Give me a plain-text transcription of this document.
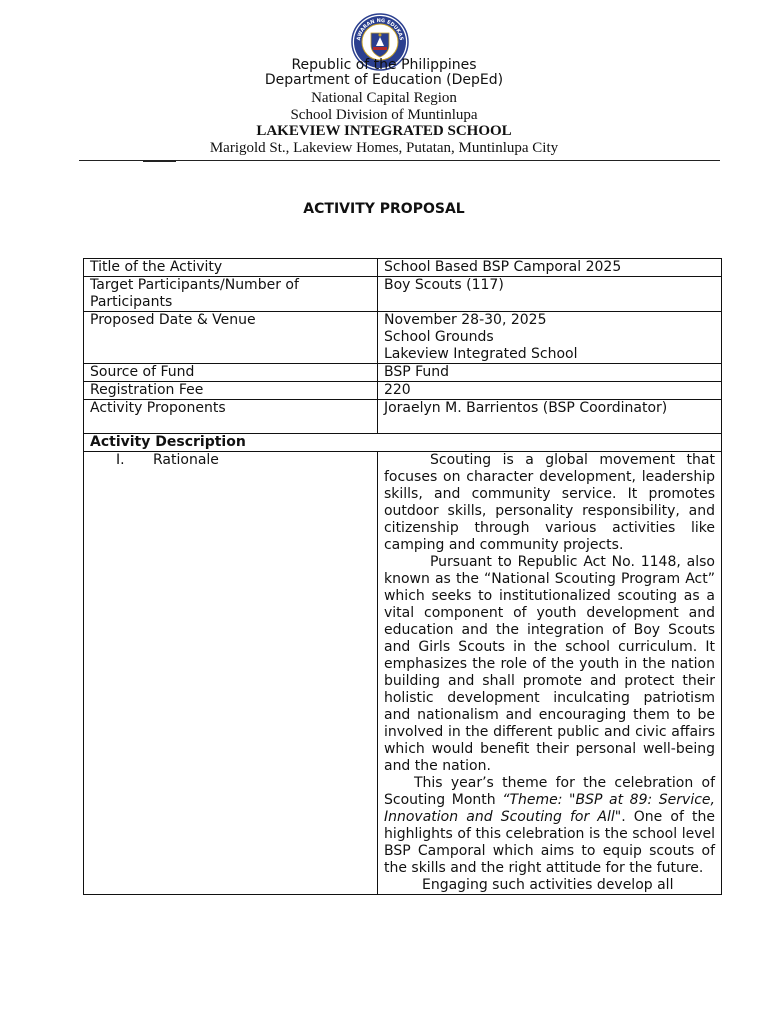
AWARAN NG EDUKAS
Republic of the Philippines
Department of Education (DepEd)
National Capital Region
School Division of Muntinlupa
LAKEVIEW INTEGRATED SCHOOL
Marigold St., Lakeview Homes, Putatan, Muntinlupa City
ACTIVITY PROPOSAL
Title of the Activity	School Based BSP Camporal 2025
Target Participants/Number of Participants	Boy Scouts (117)
Proposed Date & Venue	November 28-30, 2025
School Grounds
Lakeview Integrated School

Source of Fund	BSP Fund
Registration Fee	220
Activity Proponents	Joraelyn M. Barrientos (BSP Coordinator)
Activity Description	
I. Rationale	Scouting is a global movement that focuses on character development, leadership skills, and community service. It promotes outdoor skills, personality responsibility, and citizenship through various activities like camping and community projects.

Pursuant to Republic Act No. 1148, also known as the “National Scouting Program Act” which seeks to institutionalized scouting as a vital component of youth development and education and the integration of Boy Scouts and Girls Scouts in the school curriculum. It emphasizes the role of the youth in the nation building and shall promote and protect their holistic development inculcating patriotism and nationalism and encouraging them to be involved in the different public and civic affairs which would benefit their personal well-being and the nation.

This year’s theme for the celebration of Scouting Month “Theme: "BSP at 89: Service, Innovation and Scouting for All". One of the highlights of this celebration is the school level BSP Camporal which aims to equip scouts of the skills and the right attitude for the future.

Engaging such activities develop all
